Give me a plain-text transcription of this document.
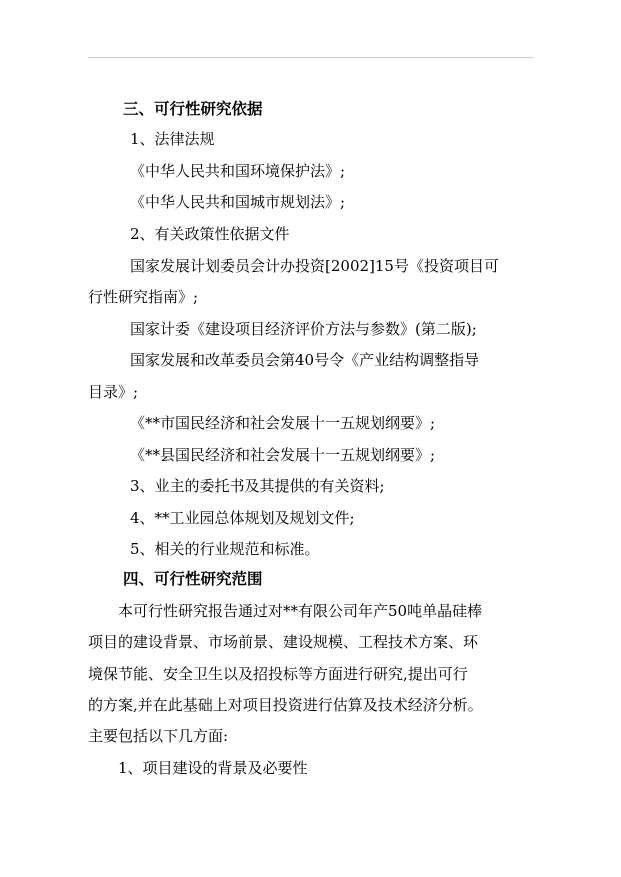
三、可行性研究依据
1、法律法规
《中华人民共和国环境保护法》;
《中华人民共和国城市规划法》;
2、有关政策性依据文件
国家发展计划委员会计办投资[2002]15号《投资项目可
行性研究指南》;
国家计委《建设项目经济评价方法与参数》(第二版);
国家发展和改革委员会第40号令《产业结构调整指导
目录》;
《**市国民经济和社会发展十一五规划纲要》;
《**县国民经济和社会发展十一五规划纲要》;
3、业主的委托书及其提供的有关资料;
4、**工业园总体规划及规划文件;
5、相关的行业规范和标准。
四、可行性研究范围
本可行性研究报告通过对**有限公司年产50吨单晶硅棒
项目的建设背景、市场前景、建设规模、工程技术方案、环
境保节能、安全卫生以及招投标等方面进行研究,提出可行
的方案,并在此基础上对项目投资进行估算及技术经济分析。
主要包括以下几方面:
1、项目建设的背景及必要性
